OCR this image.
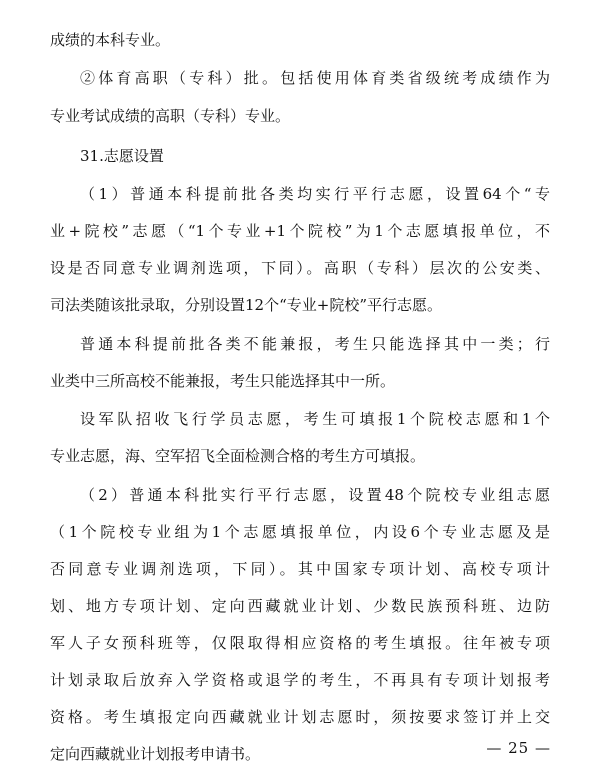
成绩的本科专业。
②体育高职（专科）批。包括使用体育类省级统考成绩作为
专业考试成绩的高职（专科）专业。
31.志愿设置
（1）普通本科提前批各类均实行平行志愿，设置64个“专
业+院校”志愿（“1个专业+1个院校”为1个志愿填报单位，不
设是否同意专业调剂选项，下同）。高职（专科）层次的公安类、
司法类随该批录取，分别设置12个“专业+院校”平行志愿。
普通本科提前批各类不能兼报，考生只能选择其中一类；行
业类中三所高校不能兼报，考生只能选择其中一所。
设军队招收飞行学员志愿，考生可填报1个院校志愿和1个
专业志愿，海、空军招飞全面检测合格的考生方可填报。
（2）普通本科批实行平行志愿，设置48个院校专业组志愿
（1个院校专业组为1个志愿填报单位，内设6个专业志愿及是
否同意专业调剂选项，下同）。其中国家专项计划、高校专项计
划、地方专项计划、定向西藏就业计划、少数民族预科班、边防
军人子女预科班等，仅限取得相应资格的考生填报。往年被专项
计划录取后放弃入学资格或退学的考生，不再具有专项计划报考
资格。考生填报定向西藏就业计划志愿时，须按要求签订并上交
定向西藏就业计划报考申请书。	— 25 —
